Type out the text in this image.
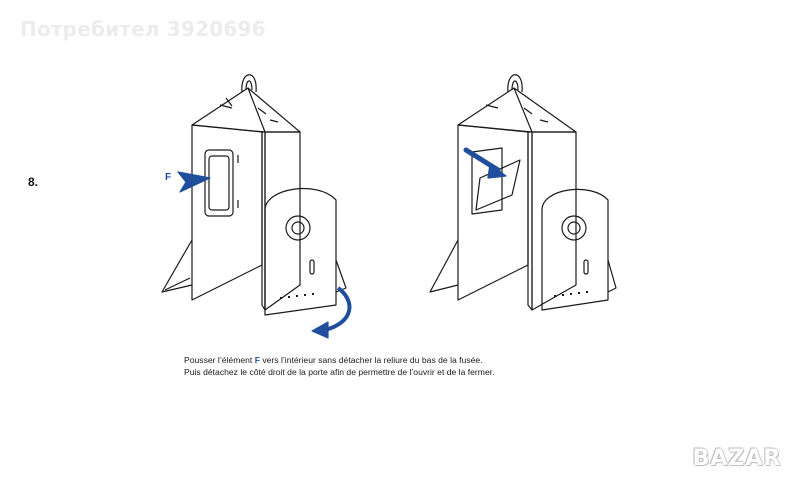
Потребител 3920696
8.	F
Pousser l’élément F vers l’intérieur sans détacher la reliure du bas de la fusée.
Puis détachez le côté droit de la porte afin de permettre de l’ouvrir et de la fermer.
BAZAR
